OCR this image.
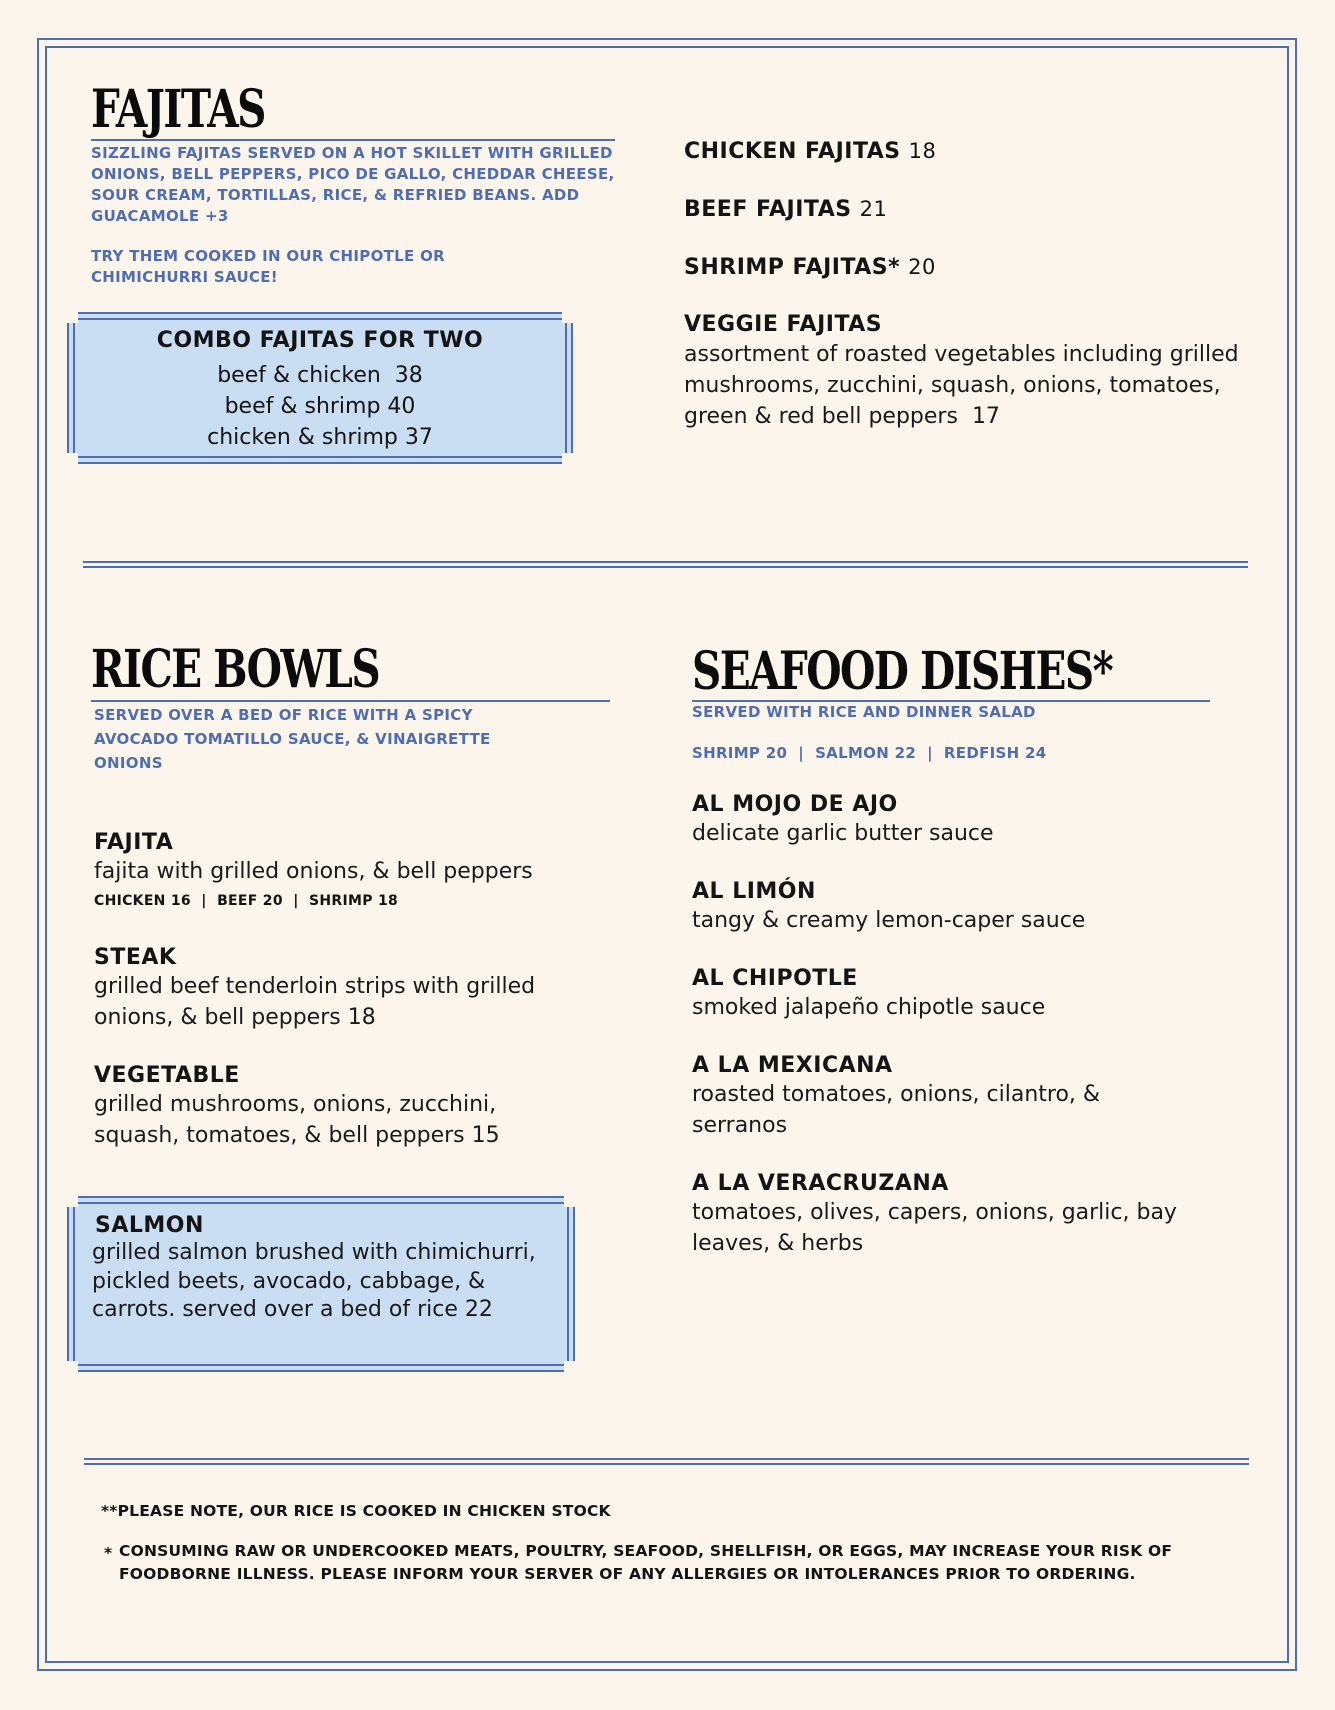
FAJITAS
SIZZLING FAJITAS SERVED ON A HOT SKILLET WITH GRILLED ONIONS, BELL PEPPERS, PICO DE GALLO, CHEDDAR CHEESE, SOUR CREAM, TORTILLAS, RICE, & REFRIED BEANS. ADD GUACAMOLE +3
TRY THEM COOKED IN OUR CHIPOTLE OR CHIMICHURRI SAUCE!
COMBO FAJITAS FOR TWO
beef & chicken  38
beef & shrimp 40
chicken & shrimp 37
CHICKEN FAJITAS 18
BEEF FAJITAS 21
SHRIMP FAJITAS* 20
VEGGIE FAJITAS
assortment of roasted vegetables including grilled mushrooms, zucchini, squash, onions, tomatoes, green & red bell peppers 17
RICE BOWLS
SERVED OVER A BED OF RICE WITH A SPICY AVOCADO TOMATILLO SAUCE, & VINAIGRETTE ONIONS
FAJITA
fajita with grilled onions, & bell peppers
CHICKEN 16  |  BEEF 20  |  SHRIMP 18
STEAK
grilled beef tenderloin strips with grilled onions, & bell peppers 18
VEGETABLE
grilled mushrooms, onions, zucchini, squash, tomatoes, & bell peppers 15
SALMON
grilled salmon brushed with chimichurri, pickled beets, avocado, cabbage, & carrots. served over a bed of rice 22
SEAFOOD DISHES*
SERVED WITH RICE AND DINNER SALAD
SHRIMP 20  |  SALMON 22  |  REDFISH 24
AL MOJO DE AJO
delicate garlic butter sauce
AL LIMÓN
tangy & creamy lemon-caper sauce
AL CHIPOTLE
smoked jalapeño chipotle sauce
A LA MEXICANA
roasted tomatoes, onions, cilantro, & serranos
A LA VERACRUZANA
tomatoes, olives, capers, onions, garlic, bay leaves, & herbs
**PLEASE NOTE, OUR RICE IS COOKED IN CHICKEN STOCK
* CONSUMING RAW OR UNDERCOOKED MEATS, POULTRY, SEAFOOD, SHELLFISH, OR EGGS, MAY INCREASE YOUR RISK OF FOODBORNE ILLNESS. PLEASE INFORM YOUR SERVER OF ANY ALLERGIES OR INTOLERANCES PRIOR TO ORDERING.
